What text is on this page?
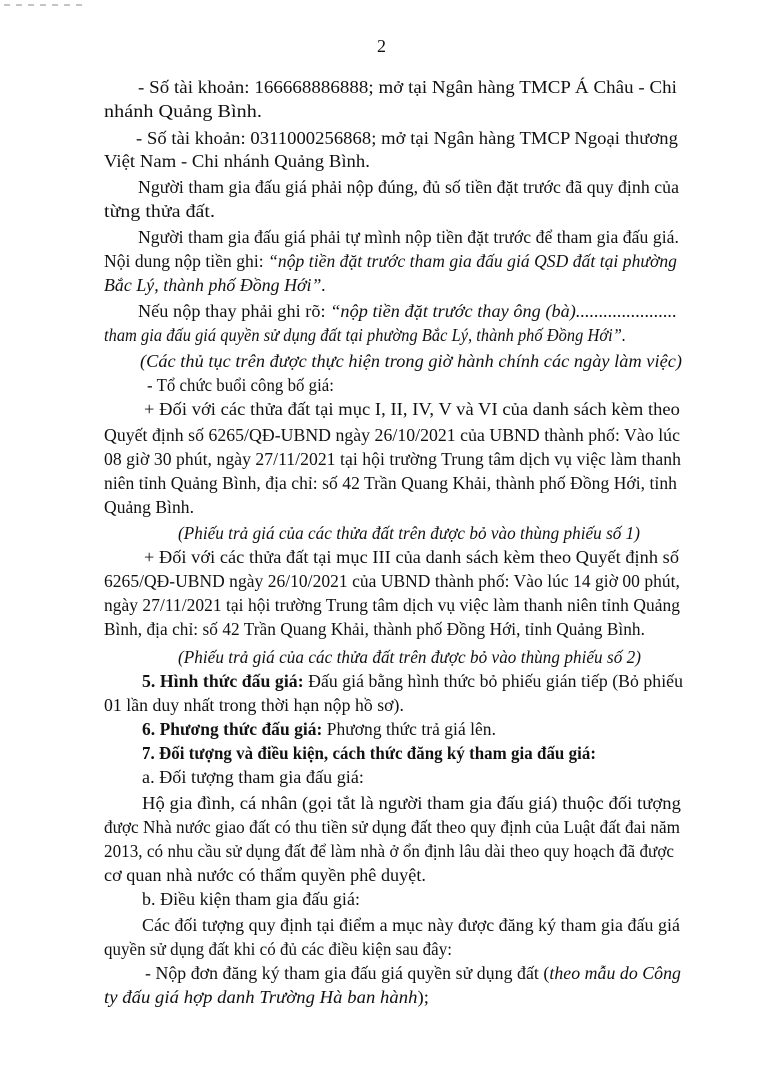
2
- Số tài khoản: 166668886888; mở tại Ngân hàng TMCP Á Châu - Chi
nhánh Quảng Bình.
- Số tài khoản: 0311000256868; mở tại Ngân hàng TMCP Ngoại thương
Việt Nam - Chi nhánh Quảng Bình.
Người tham gia đấu giá phải nộp đúng, đủ số tiền đặt trước đã quy định của
từng thửa đất.
Người tham gia đấu giá phải tự mình nộp tiền đặt trước để tham gia đấu giá.
Nội dung nộp tiền ghi: “nộp tiền đặt trước tham gia đấu giá QSD đất tại phường
Bắc Lý, thành phố Đồng Hới”.
Nếu nộp thay phải ghi rõ: “nộp tiền đặt trước thay ông (bà)......................
tham gia đấu giá quyền sử dụng đất tại phường Bắc Lý, thành phố Đồng Hới”.
(Các thủ tục trên được thực hiện trong giờ hành chính các ngày làm việc)
- Tổ chức buổi công bố giá:
+ Đối với các thửa đất tại mục I, II, IV, V và VI của danh sách kèm theo
Quyết định số 6265/QĐ-UBND ngày 26/10/2021 của UBND thành phố: Vào lúc
08 giờ 30 phút, ngày 27/11/2021 tại hội trường Trung tâm dịch vụ việc làm thanh
niên tỉnh Quảng Bình, địa chỉ: số 42 Trần Quang Khải, thành phố Đồng Hới, tỉnh
Quảng Bình.
(Phiếu trả giá của các thửa đất trên được bỏ vào thùng phiếu số 1)
+ Đối với các thửa đất tại mục III của danh sách kèm theo Quyết định số
6265/QĐ-UBND ngày 26/10/2021 của UBND thành phố: Vào lúc 14 giờ 00 phút,
ngày 27/11/2021 tại hội trường Trung tâm dịch vụ việc làm thanh niên tỉnh Quảng
Bình, địa chỉ: số 42 Trần Quang Khải, thành phố Đồng Hới, tỉnh Quảng Bình.
(Phiếu trả giá của các thửa đất trên được bỏ vào thùng phiếu số 2)
5. Hình thức đấu giá: Đấu giá bằng hình thức bỏ phiếu gián tiếp (Bỏ phiếu
01 lần duy nhất trong thời hạn nộp hồ sơ).
6. Phương thức đấu giá: Phương thức trả giá lên.
7. Đối tượng và điều kiện, cách thức đăng ký tham gia đấu giá:
a. Đối tượng tham gia đấu giá:
Hộ gia đình, cá nhân (gọi tắt là người tham gia đấu giá) thuộc đối tượng
được Nhà nước giao đất có thu tiền sử dụng đất theo quy định của Luật đất đai năm
2013, có nhu cầu sử dụng đất để làm nhà ở ổn định lâu dài theo quy hoạch đã được
cơ quan nhà nước có thẩm quyền phê duyệt.
b. Điều kiện tham gia đấu giá:
Các đối tượng quy định tại điểm a mục này được đăng ký tham gia đấu giá
quyền sử dụng đất khi có đủ các điều kiện sau đây:
- Nộp đơn đăng ký tham gia đấu giá quyền sử dụng đất (theo mẫu do Công
ty đấu giá hợp danh Trường Hà ban hành);
